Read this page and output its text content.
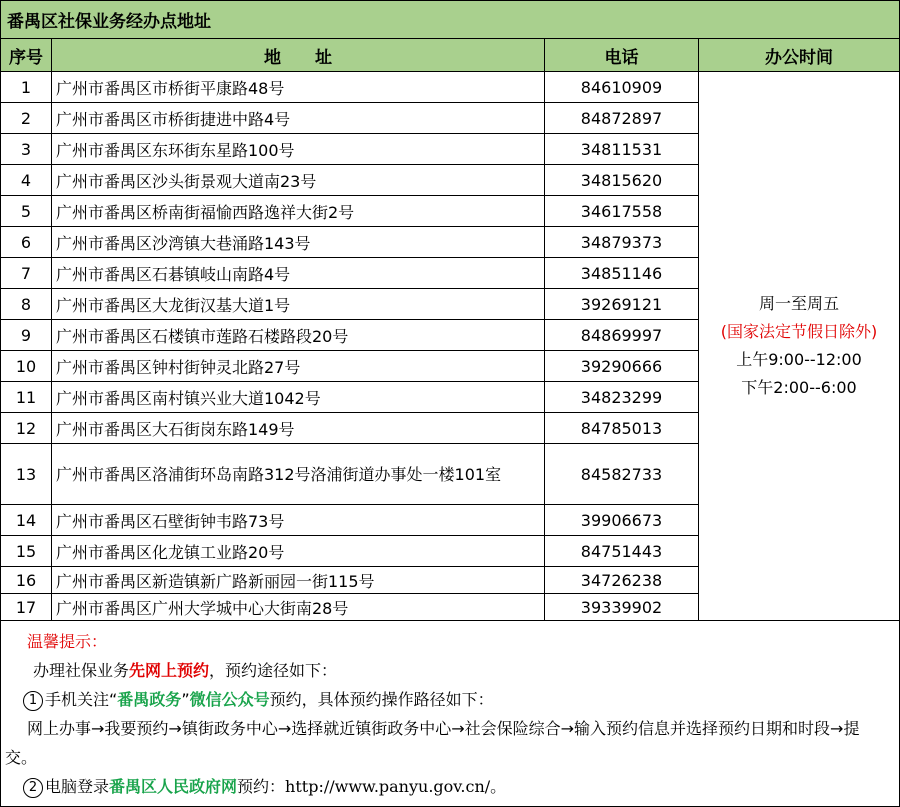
番禺区社保业务经办点地址
序号	地　　址	电话	办公时间
1	广州市番禺区市桥街平康路48号	84610909	周一至周五
(国家法定节假日除外)
上午9:00--12:00
下午2:00--6:00

2	广州市番禺区市桥街捷进中路4号	84872897	
3	广州市番禺区东环街东星路100号	34811531	
4	广州市番禺区沙头街景观大道南23号	34815620	
5	广州市番禺区桥南街福愉西路逸祥大街2号	34617558	
6	广州市番禺区沙湾镇大巷涌路143号	34879373	
7	广州市番禺区石碁镇岐山南路4号	34851146	
8	广州市番禺区大龙街汉基大道1号	39269121	
9	广州市番禺区石楼镇市莲路石楼路段20号	84869997	
10	广州市番禺区钟村街钟灵北路27号	39290666	
11	广州市番禺区南村镇兴业大道1042号	34823299	
12	广州市番禺区大石街岗东路149号	84785013	
13	广州市番禺区洛浦街环岛南路312号洛浦街道办事处一楼101室	84582733	
14	广州市番禺区石壁街钟韦路73号	39906673	
15	广州市番禺区化龙镇工业路20号	84751443	
16	广州市番禺区新造镇新广路新丽园一街115号	34726238	
17	广州市番禺区广州大学城中心大街南28号	39339902	
温馨提示：
办理社保业务先网上预约，预约途径如下：
1 手机关注“番禺政务”微信公众号预约，具体预约操作路径如下：
网上办事→我要预约→镇街政务中心→选择就近镇街政务中心→社会保险综合→输入预约信息并选择预约日期和时段→提交。
2 电脑登录番禺区人民政府网预约：http://www.panyu.gov.cn/。
